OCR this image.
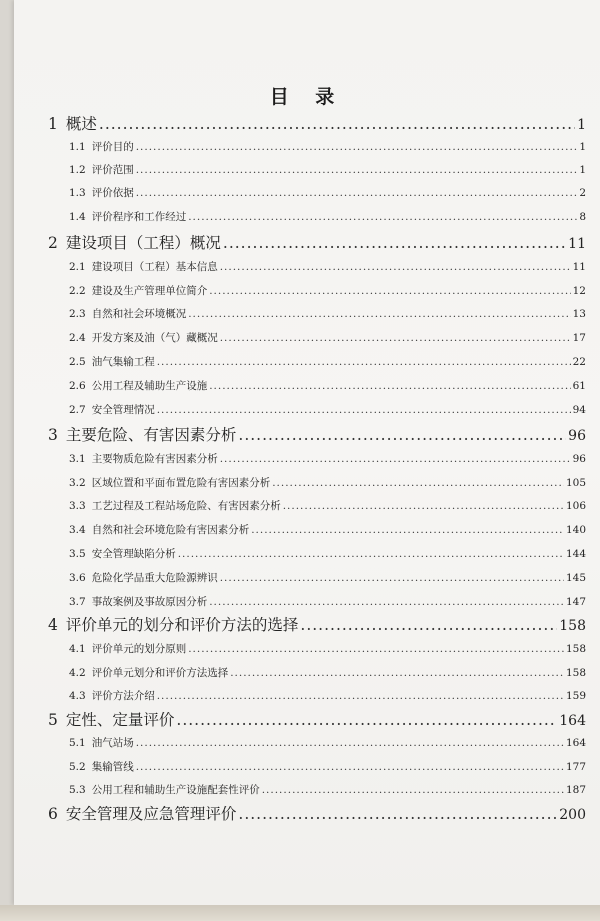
目 录
1 概述 .....	1
1.1 评价目的 .....	1
1.2 评价范围 .....	1
1.3 评价依据 .....	2
1.4 评价程序和工作经过 .....	8
2 建设项目（工程）概况 .....	11
2.1 建设项目（工程）基本信息 .....	11
2.2 建设及生产管理单位简介 .....	12
2.3 自然和社会环境概况 .....	13
2.4 开发方案及油（气）藏概况 .....	17
2.5 油气集输工程 .....	22
2.6 公用工程及辅助生产设施 .....	61
2.7 安全管理情况 .....	94
3 主要危险、有害因素分析 .....	96
3.1 主要物质危险有害因素分析 .....	96
3.2 区域位置和平面布置危险有害因素分析 .....	105
3.3 工艺过程及工程站场危险、有害因素分析 .....	106
3.4 自然和社会环境危险有害因素分析 .....	140
3.5 安全管理缺陷分析 .....	144
3.6 危险化学品重大危险源辨识 .....	145
3.7 事故案例及事故原因分析 .....	147
4 评价单元的划分和评价方法的选择 .....	158
4.1 评价单元的划分原则 .....	158
4.2 评价单元划分和评价方法选择 .....	158
4.3 评价方法介绍 .....	159
5 定性、定量评价 .....	164
5.1 油气站场 .....	164
5.2 集输管线 .....	177
5.3 公用工程和辅助生产设施配套性评价 .....	187
6 安全管理及应急管理评价 .....	200
